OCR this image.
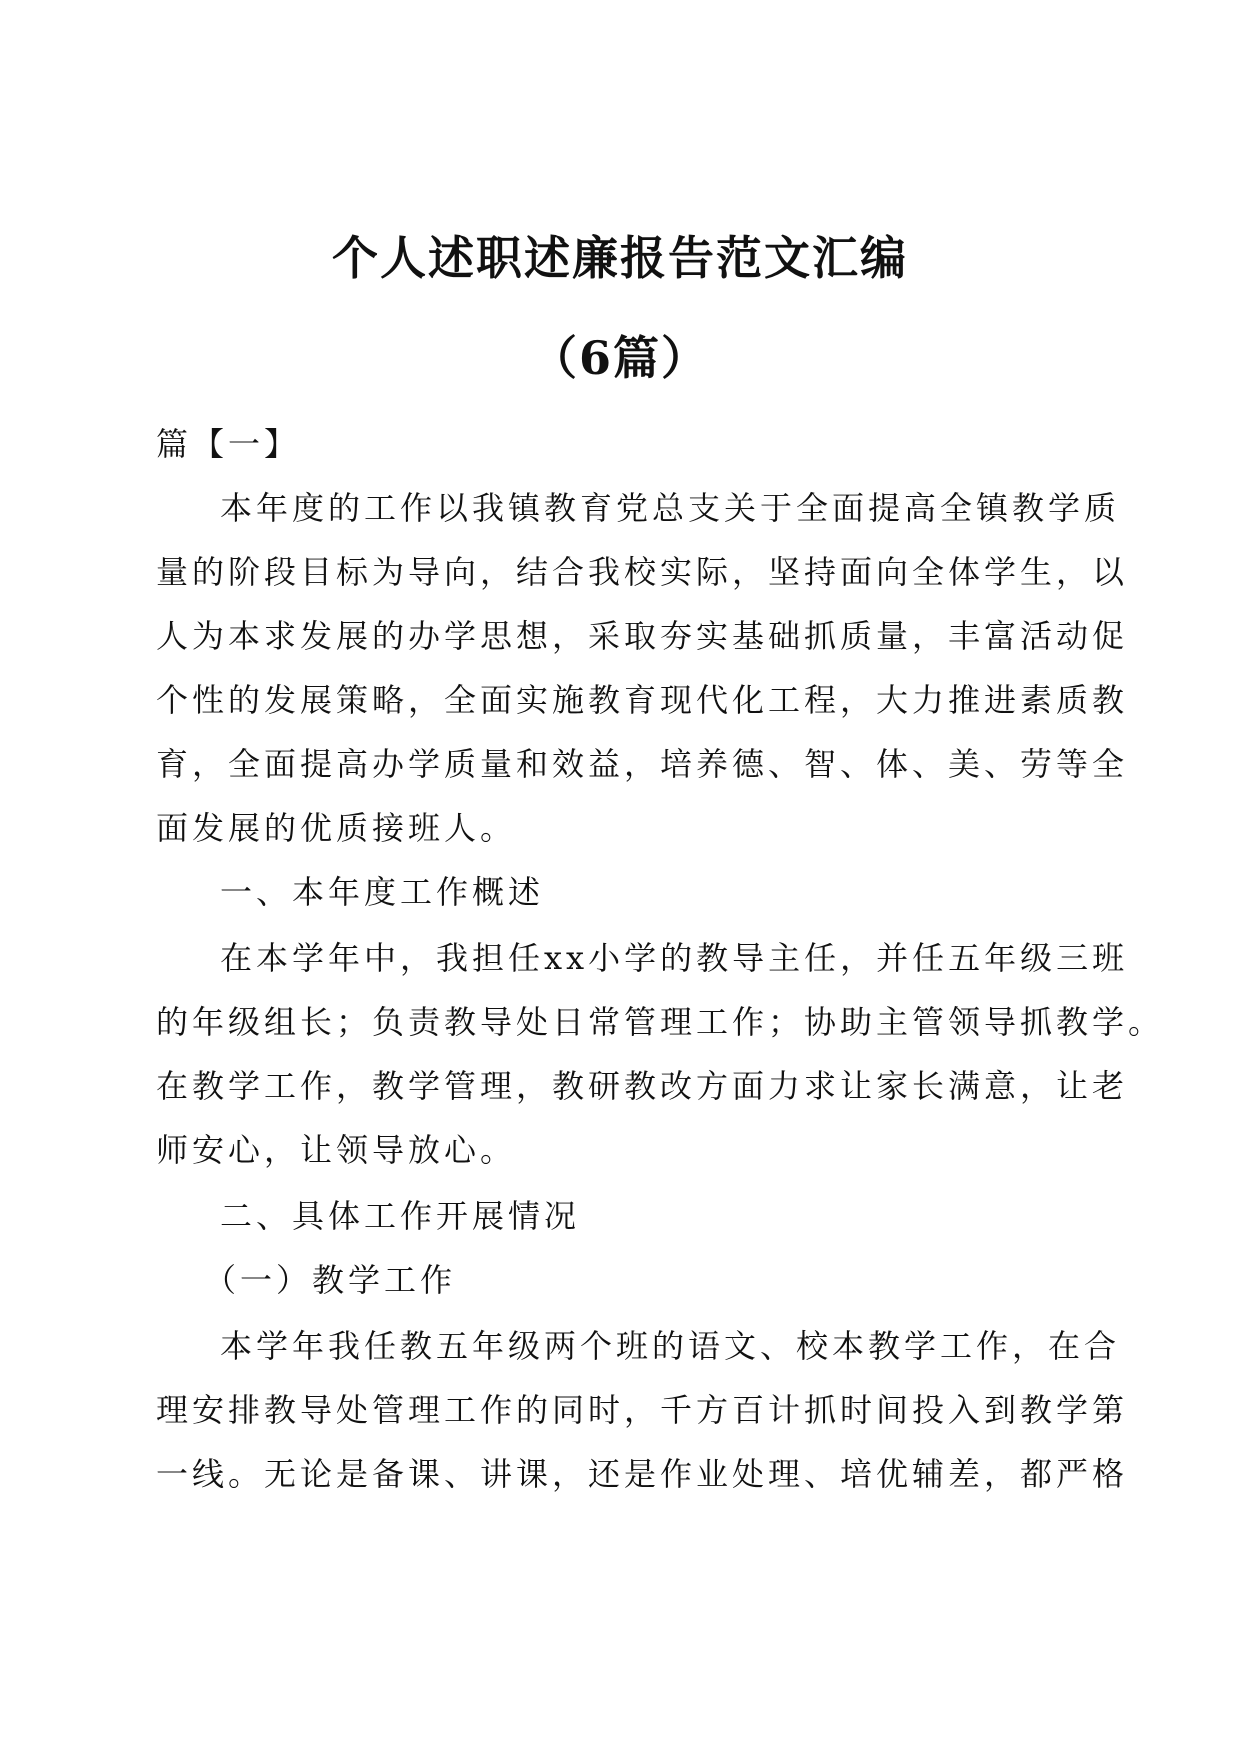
个人述职述廉报告范文汇编
（6篇）
篇【一】
本年度的工作以我镇教育党总支关于全面提高全镇教学质
量的阶段目标为导向，结合我校实际，坚持面向全体学生，以
人为本求发展的办学思想，采取夯实基础抓质量，丰富活动促
个性的发展策略，全面实施教育现代化工程，大力推进素质教
育，全面提高办学质量和效益，培养德、智、体、美、劳等全
面发展的优质接班人。
一、本年度工作概述
在本学年中，我担任xx小学的教导主任，并任五年级三班
的年级组长；负责教导处日常管理工作；协助主管领导抓教学。
在教学工作，教学管理，教研教改方面力求让家长满意，让老
师安心，让领导放心。
二、具体工作开展情况
（一）教学工作
本学年我任教五年级两个班的语文、校本教学工作，在合
理安排教导处管理工作的同时，千方百计抓时间投入到教学第
一线。无论是备课、讲课，还是作业处理、培优辅差，都严格
